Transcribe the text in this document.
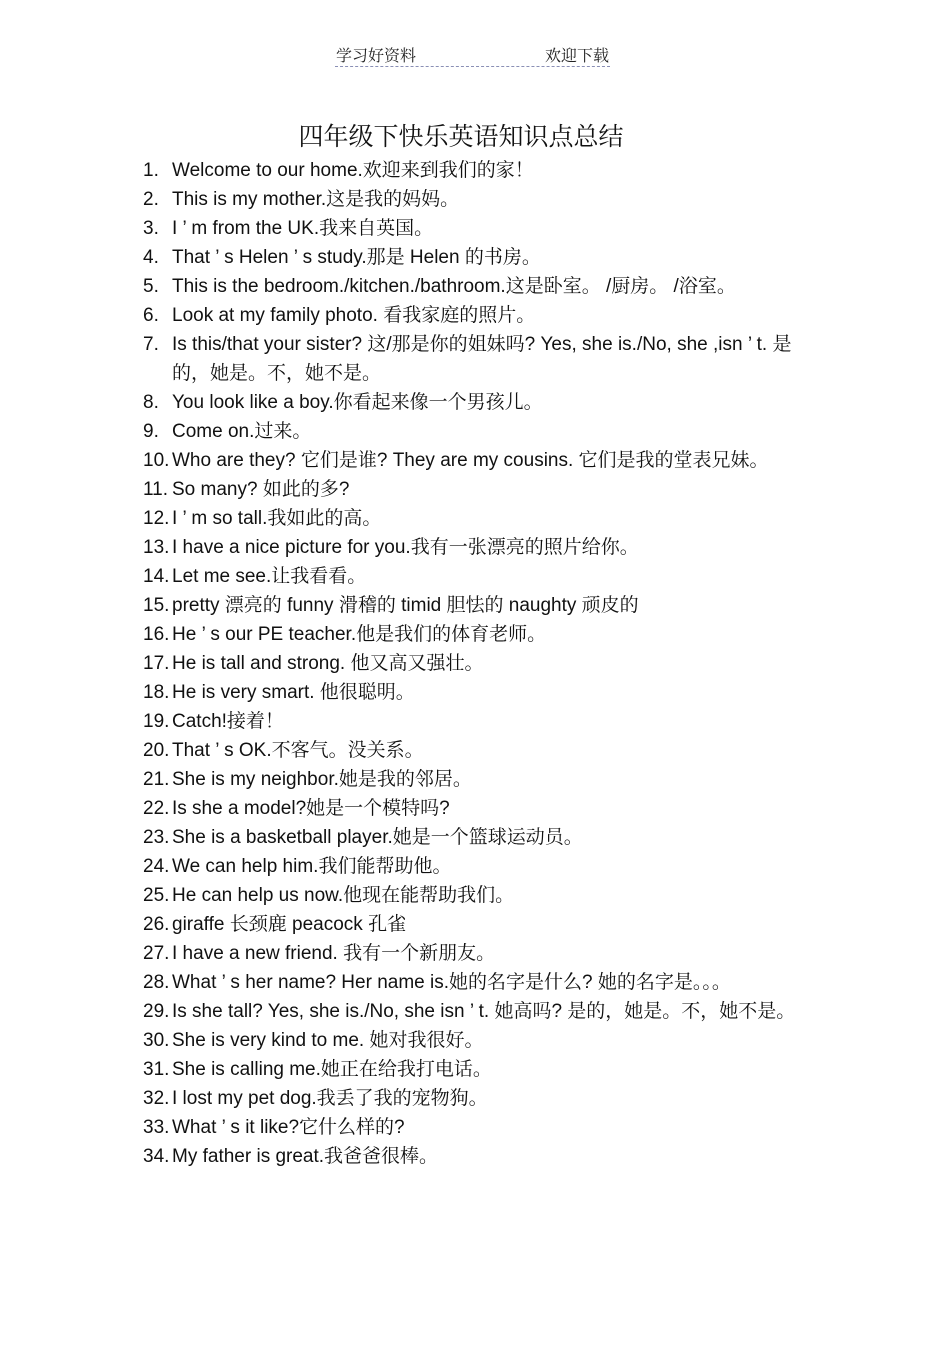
学习好资料	欢迎下载
四年级下快乐英语知识点总结
1. Welcome to our home.欢迎来到我们的家！
2. This is my mother.这是我的妈妈。
3. I ’ m from the UK.我来自英国。
4. That ’ s Helen ’ s study.那是 Helen 的书房。
5. This is the bedroom./kitchen./bathroom.这是卧室。 /厨房。 /浴室。
6. Look at my family photo. 看我家庭的照片。
7. Is this/that your sister? 这/那是你的姐妹吗? Yes, she is./No, she ,isn ’ t. 是的，她是。不，她不是。
8. You look like a boy.你看起来像一个男孩儿。
9. Come on.过来。
10. Who are they? 它们是谁? They are my cousins. 它们是我的堂表兄妹。
11. So many? 如此的多?
12. I ’ m so tall.我如此的高。
13. I have a nice picture for you.我有一张漂亮的照片给你。
14. Let me see.让我看看。
15. pretty 漂亮的 funny 滑稽的 timid 胆怯的 naughty 顽皮的
16. He ’ s our PE teacher.他是我们的体育老师。
17. He is tall and strong. 他又高又强壮。
18. He is very smart. 他很聪明。
19. Catch!接着！
20. That ’ s OK.不客气。没关系。
21. She is my neighbor.她是我的邻居。
22. Is she a model?她是一个模特吗?
23. She is a basketball player.她是一个篮球运动员。
24. We can help him.我们能帮助他。
25. He can help us now.他现在能帮助我们。
26. giraffe 长颈鹿 peacock 孔雀
27. I have a new friend. 我有一个新朋友。
28. What ’ s her name? Her name is.她的名字是什么? 她的名字是。。。
29. Is she tall? Yes, she is./No, she isn ’ t. 她高吗? 是的，她是。不，她不是。
30. She is very kind to me. 她对我很好。
31. She is calling me.她正在给我打电话。
32. I lost my pet dog.我丢了我的宠物狗。
33. What ’ s it like?它什么样的?
34. My father is great.我爸爸很棒。
